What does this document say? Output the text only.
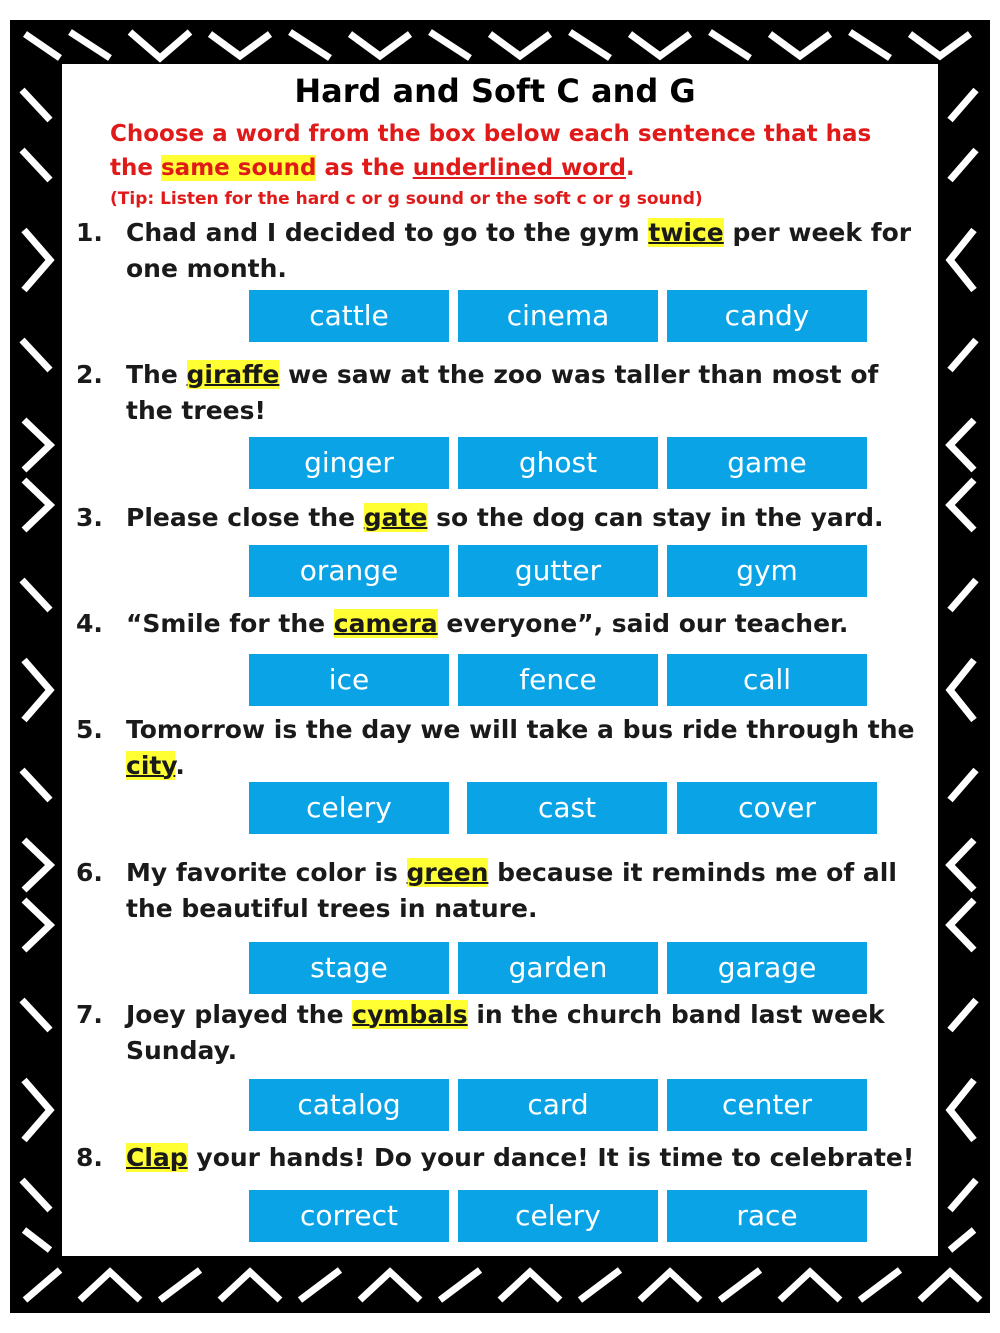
Hard and Soft C and G
Choose a word from the box below each sentence that has the same sound as the underlined word.
(Tip: Listen for the hard c or g sound or the soft c or g sound)
1. Chad and I decided to go to the gym twice per week for one month.
cattle	cinema	candy
2. The giraffe we saw at the zoo was taller than most of the trees!
ginger	ghost	game
3. Please close the gate so the dog can stay in the yard.
orange	gutter	gym
4. “Smile for the camera everyone”, said our teacher.
ice	fence	call
5. Tomorrow is the day we will take a bus ride through the city.
celery	cast	cover
6. My favorite color is green because it reminds me of all the beautiful trees in nature.
stage	garden	garage
7. Joey played the cymbals in the church band last week Sunday.
catalog	card	center
8. Clap your hands! Do your dance! It is time to celebrate!
correct	celery	race
